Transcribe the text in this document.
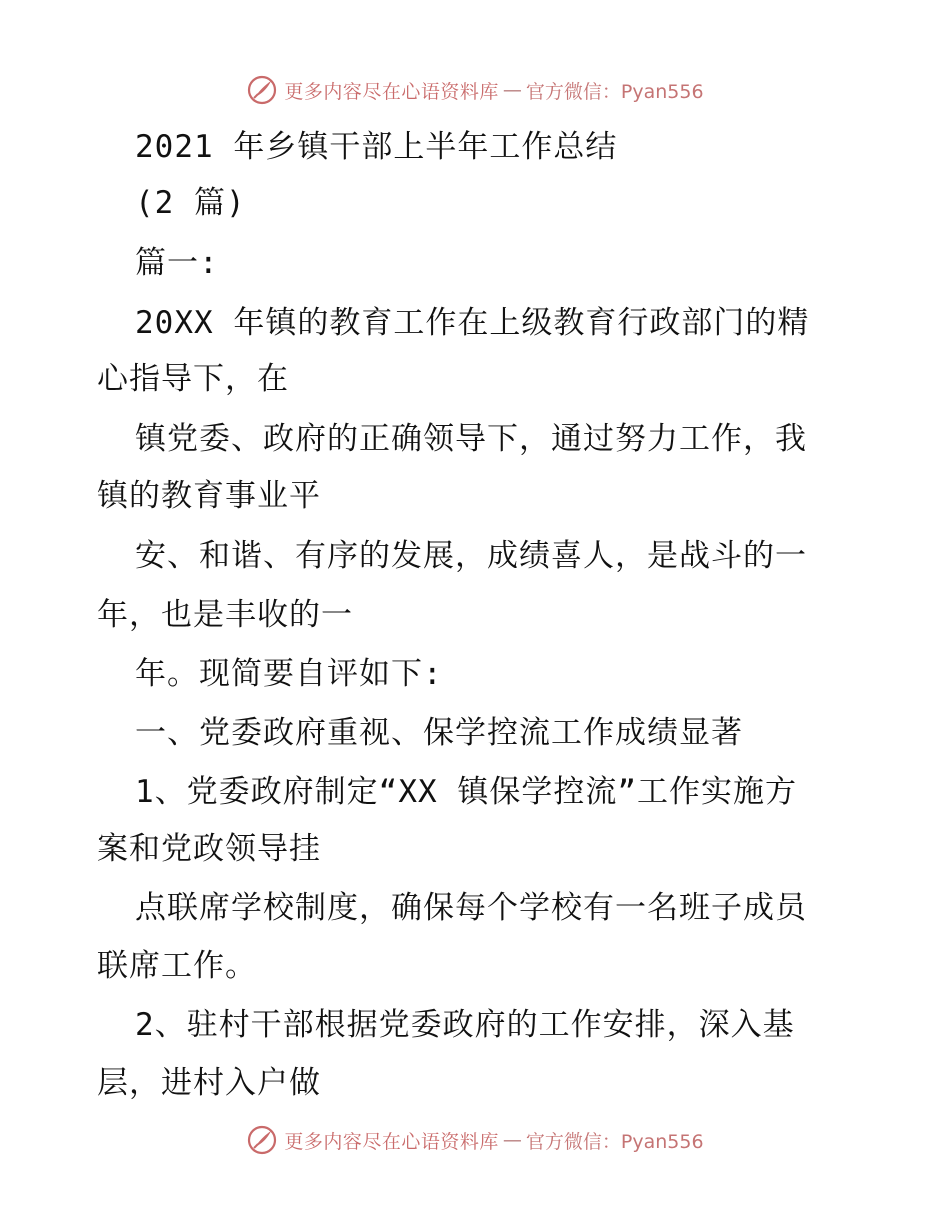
更多内容尽在心语资料库 — 官方微信：Pyan556
2021 年乡镇干部上半年工作总结
(2 篇)
篇一:
20XX 年镇的教育工作在上级教育行政部门的精
心指导下，在
镇党委、政府的正确领导下，通过努力工作，我
镇的教育事业平
安、和谐、有序的发展，成绩喜人，是战斗的一
年，也是丰收的一
年。现简要自评如下:
一、党委政府重视、保学控流工作成绩显著
1、党委政府制定“XX 镇保学控流”工作实施方
案和党政领导挂
点联席学校制度，确保每个学校有一名班子成员
联席工作。
2、驻村干部根据党委政府的工作安排，深入基
层，进村入户做
更多内容尽在心语资料库 — 官方微信：Pyan556
